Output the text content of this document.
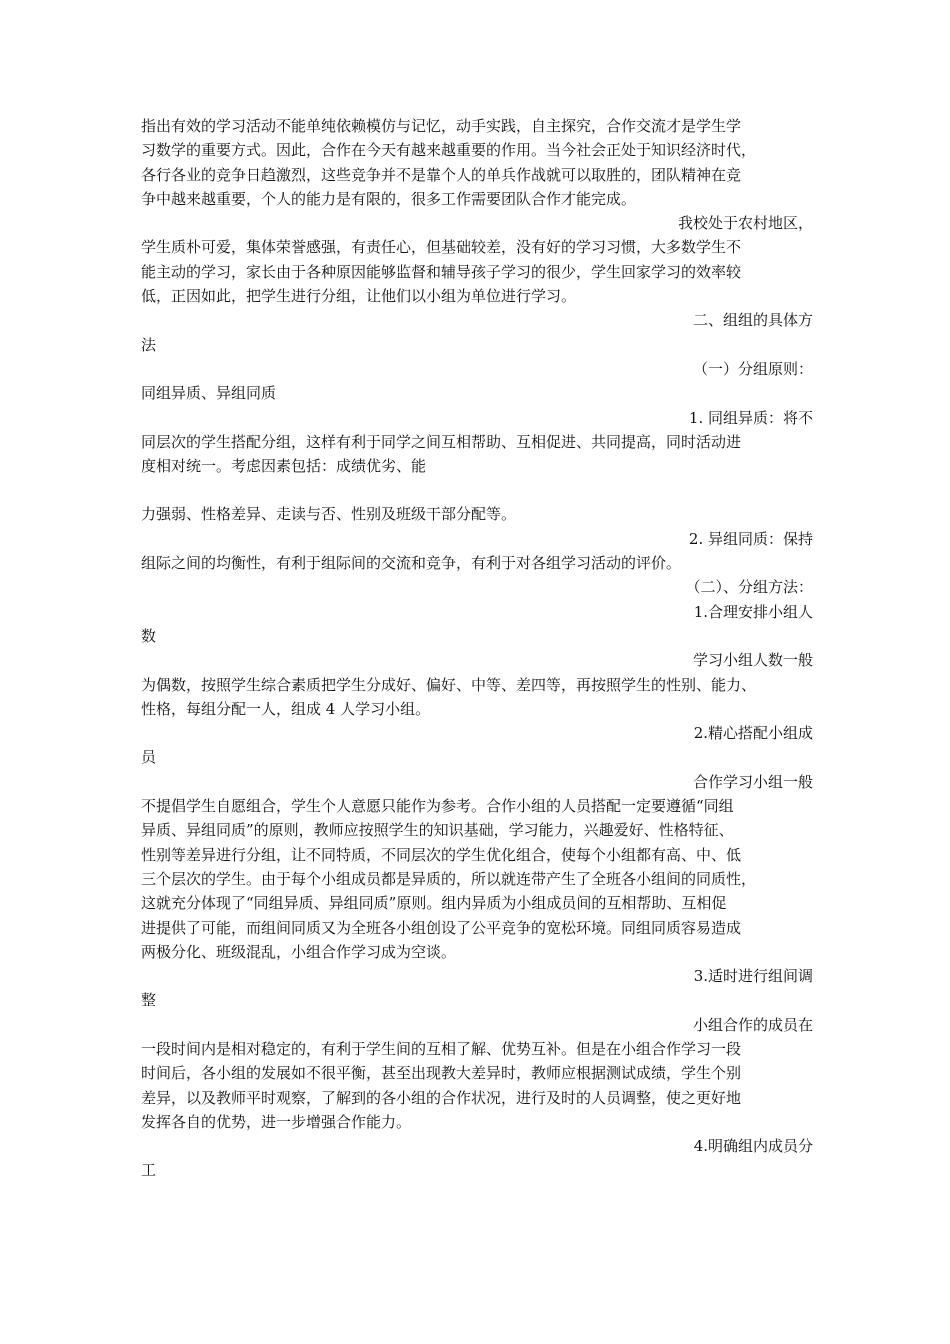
指出有效的学习活动不能单纯依赖模仿与记忆，动手实践，自主探究，合作交流才是学生学
习数学的重要方式。因此，合作在今天有越来越重要的作用。当今社会正处于知识经济时代，
各行各业的竞争日趋激烈，这些竞争并不是靠个人的单兵作战就可以取胜的，团队精神在竞
争中越来越重要，个人的能力是有限的，很多工作需要团队合作才能完成。
我校处于农村地区，
学生质朴可爱，集体荣誉感强，有责任心，但基础较差，没有好的学习习惯，大多数学生不
能主动的学习，家长由于各种原因能够监督和辅导孩子学习的很少，学生回家学习的效率较
低，正因如此，把学生进行分组，让他们以小组为单位进行学习。
二、组组的具体方
法
（一）分组原则：
同组异质、异组同质
1. 同组异质：将不
同层次的学生搭配分组，这样有利于同学之间互相帮助、互相促进、共同提高，同时活动进
度相对统一。考虑因素包括：成绩优劣、能
力强弱、性格差异、走读与否、性别及班级干部分配等。
2. 异组同质：保持
组际之间的均衡性，有利于组际间的交流和竞争，有利于对各组学习活动的评价。
（二）、分组方法：
1.合理安排小组人
数
学习小组人数一般
为偶数，按照学生综合素质把学生分成好、偏好、中等、差四等，再按照学生的性别、能力、
性格，每组分配一人，组成 4 人学习小组。
2.精心搭配小组成
员
合作学习小组一般
不提倡学生自愿组合，学生个人意愿只能作为参考。合作小组的人员搭配一定要遵循“同组
异质、异组同质”的原则，教师应按照学生的知识基础，学习能力，兴趣爱好、性格特征、
性别等差异进行分组，让不同特质，不同层次的学生优化组合，使每个小组都有高、中、低
三个层次的学生。由于每个小组成员都是异质的，所以就连带产生了全班各小组间的同质性，
这就充分体现了“同组异质、异组同质”原则。组内异质为小组成员间的互相帮助、互相促
进提供了可能，而组间同质又为全班各小组创设了公平竞争的宽松环境。同组同质容易造成
两极分化、班级混乱，小组合作学习成为空谈。
3.适时进行组间调
整
小组合作的成员在
一段时间内是相对稳定的，有利于学生间的互相了解、优势互补。但是在小组合作学习一段
时间后，各小组的发展如不很平衡，甚至出现教大差异时，教师应根据测试成绩，学生个别
差异，以及教师平时观察，了解到的各小组的合作状况，进行及时的人员调整，使之更好地
发挥各自的优势，进一步增强合作能力。
4.明确组内成员分
工
